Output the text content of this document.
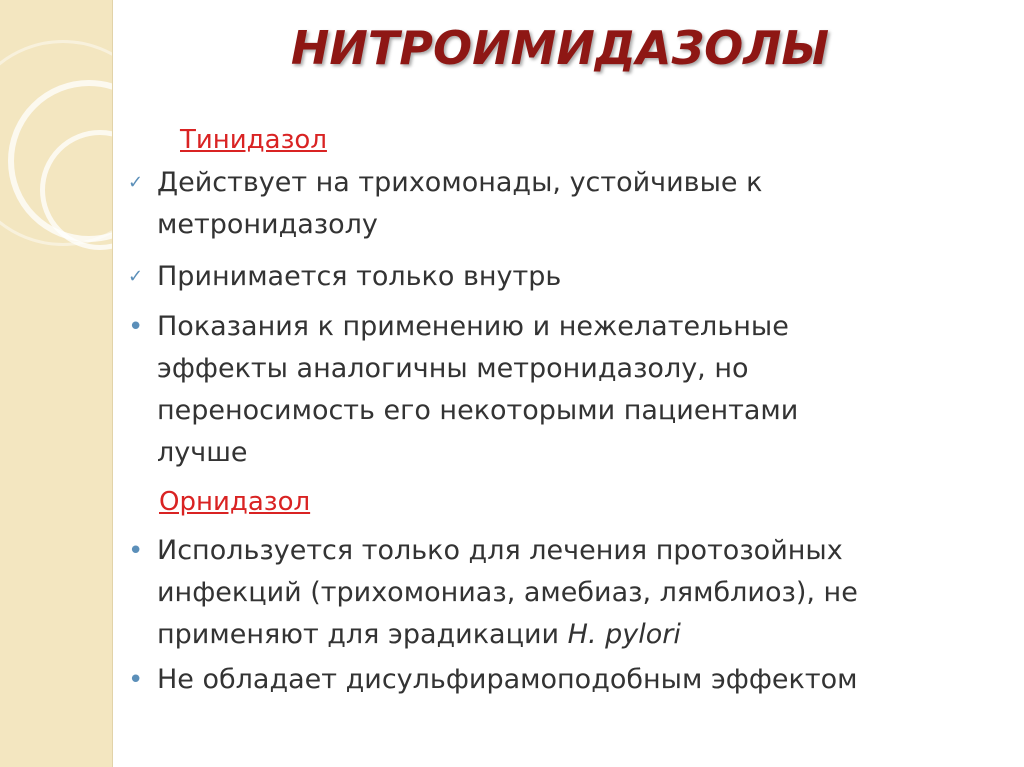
НИТРОИМИДАЗОЛЫ
Тинидазол
✓ Действует на трихомонады, устойчивые к метронидазолу
✓ Принимается только внутрь
• Показания к применению и нежелательные эффекты аналогичны метронидазолу, но переносимость его некоторыми пациентами лучше
Орнидазол
• Используется только для лечения протозойных инфекций (трихомониаз, амебиаз, лямблиоз), не применяют для эрадикации H. pylori
• Не обладает дисульфирамоподобным эффектом
